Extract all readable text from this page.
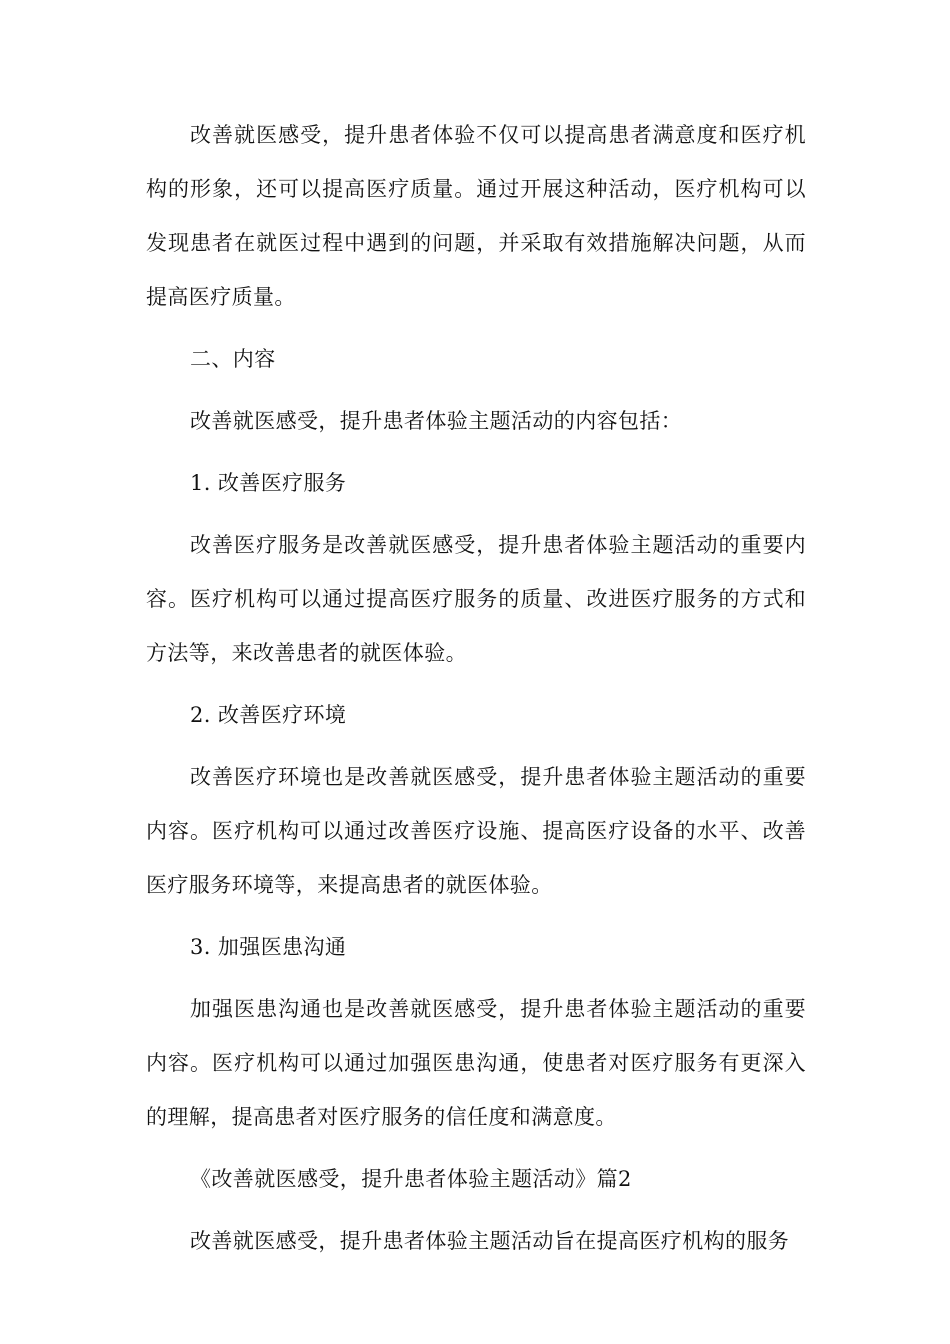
改善就医感受，提升患者体验不仅可以提高患者满意度和医疗机构的形象，还可以提高医疗质量。通过开展这种活动，医疗机构可以发现患者在就医过程中遇到的问题，并采取有效措施解决问题，从而提高医疗质量。

二、内容

改善就医感受，提升患者体验主题活动的内容包括：

1. 改善医疗服务

改善医疗服务是改善就医感受，提升患者体验主题活动的重要内容。医疗机构可以通过提高医疗服务的质量、改进医疗服务的方式和方法等，来改善患者的就医体验。

2. 改善医疗环境

改善医疗环境也是改善就医感受，提升患者体验主题活动的重要内容。医疗机构可以通过改善医疗设施、提高医疗设备的水平、改善医疗服务环境等，来提高患者的就医体验。

3. 加强医患沟通

加强医患沟通也是改善就医感受，提升患者体验主题活动的重要内容。医疗机构可以通过加强医患沟通，使患者对医疗服务有更深入的理解，提高患者对医疗服务的信任度和满意度。

《改善就医感受，提升患者体验主题活动》篇2

改善就医感受，提升患者体验主题活动旨在提高医疗机构的服务
